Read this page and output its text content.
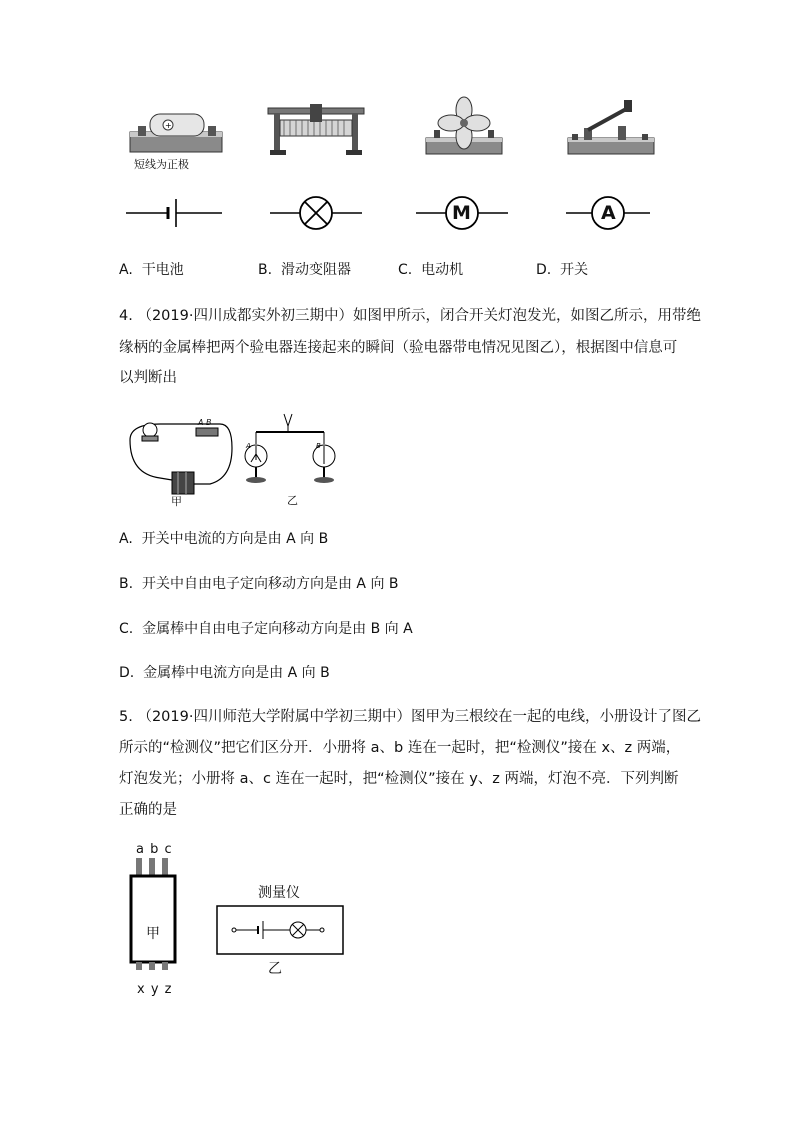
+
短线为正极
M	A
A. 干电池	B. 滑动变阻器	C. 电动机	D. 开关
4. （2019·四川成都实外初三期中）如图甲所示，闭合开关灯泡发光，如图乙所示，用带绝
缘柄的金属棒把两个验电器连接起来的瞬间（验电器带电情况见图乙），根据图中信息可
以判断出
A B
甲
A	B
乙
A. 开关中电流的方向是由 A 向 B
B. 开关中自由电子定向移动方向是由 A 向 B
C. 金属棒中自由电子定向移动方向是由 B 向 A
D. 金属棒中电流方向是由 A 向 B
5. （2019·四川师范大学附属中学初三期中）图甲为三根绞在一起的电线，小册设计了图乙
所示的“检测仪”把它们区分开．小册将 a、b 连在一起时，把“检测仪”接在 x、z 两端，
灯泡发光；小册将 a、c 连在一起时，把“检测仪”接在 y、z 两端，灯泡不亮．下列判断
正确的是
a b c
甲
x y z
测量仪
乙
